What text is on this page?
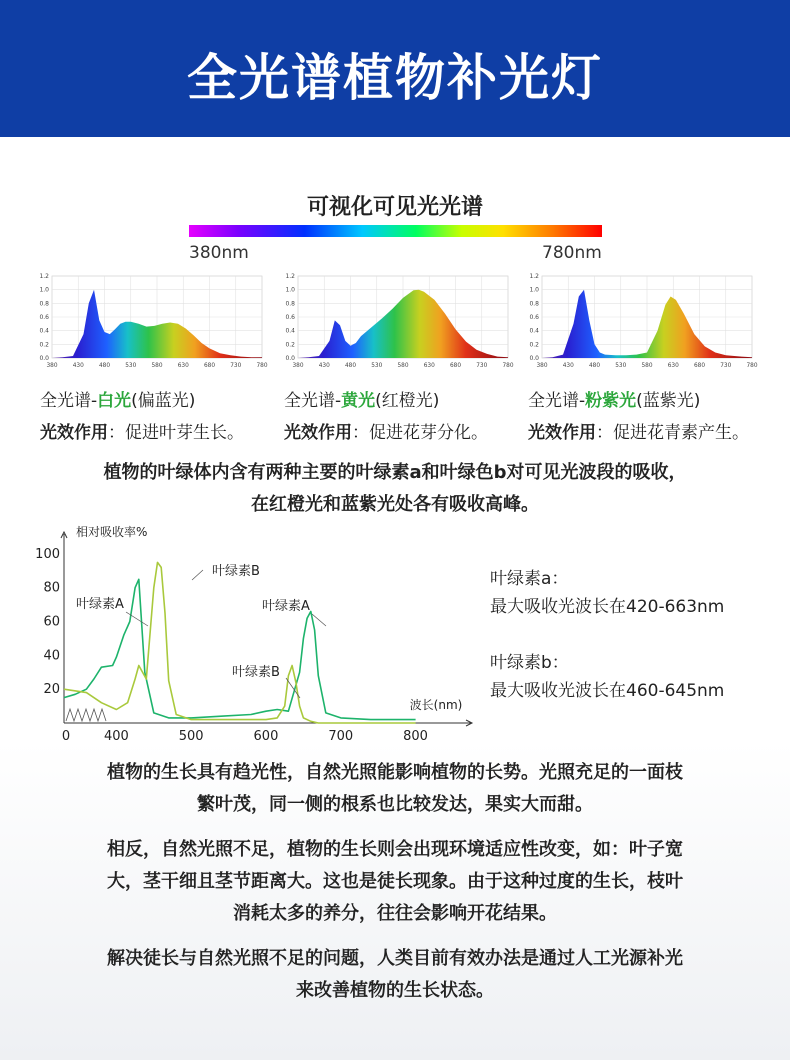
全光谱植物补光灯
可视化可见光光谱
380nm	780nm
0.0
0.2
0.4
0.6
0.8
1.0
1.2
380	430	480	530	580	630	680	730	780
0.0
0.2
0.4
0.6
0.8
1.0
1.2
380	430	480	530	580	630	680	730	780
0.0
0.2
0.4
0.6
0.8
1.0
1.2
380	430	480	530	580	630	680	730	780
全光谱-白光(偏蓝光)
光效作用：促进叶芽生长。
全光谱-黄光(红橙光)
光效作用：促进花芽分化。
全光谱-粉紫光(蓝紫光)
光效作用：促进花青素产生。

植物的叶绿体内含有两种主要的叶绿素a和叶绿色b对可见光波段的吸收，
在红橙光和蓝紫光处各有吸收高峰。

相对吸收率%
波长(nm)
20
40
60
80
100
0	400	500	600	700	800
叶绿素B
叶绿素A	叶绿素A
叶绿素B
叶绿素a：
最大吸收光波长在420-663nm
叶绿素b：
最大吸收光波长在460-645nm

植物的生长具有趋光性，自然光照能影响植物的长势。光照充足的一面枝
繁叶茂，同一侧的根系也比较发达，果实大而甜。

相反，自然光照不足，植物的生长则会出现环境适应性改变，如：叶子宽
大，茎干细且茎节距离大。这也是徒长现象。由于这种过度的生长，枝叶
消耗太多的养分，往往会影响开花结果。

解决徒长与自然光照不足的问题，人类目前有效办法是通过人工光源补光
来改善植物的生长状态。
